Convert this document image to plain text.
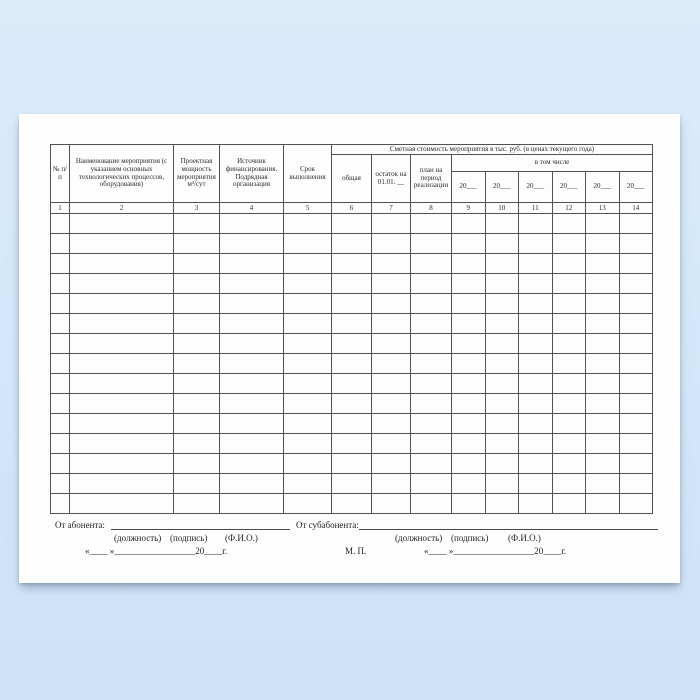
№ п/п	Наименование мероприятия (с указанием основных технологических процессов, оборудования)	Проектная мощность мероприятия м³/сут	Источник финансирования. Подрядная организация	Срок выполнения	Сметная стоимость мероприятия в тыс. руб. (в ценах текущего года)								
					общая	остаток на 01.01. __	план на период реализации	в том числе					
								20___	20___	20___	20___	20___	20___
1	2	3	4	5	6	7	8	9	10	11	12	13	14

От абонента:	От субабонента:
(должность) (подпись) (Ф.И.О.)	(должность) (подпись) (Ф.И.О.)
«____ »__________________20____г.	М. П.	«____ »__________________20____г.
